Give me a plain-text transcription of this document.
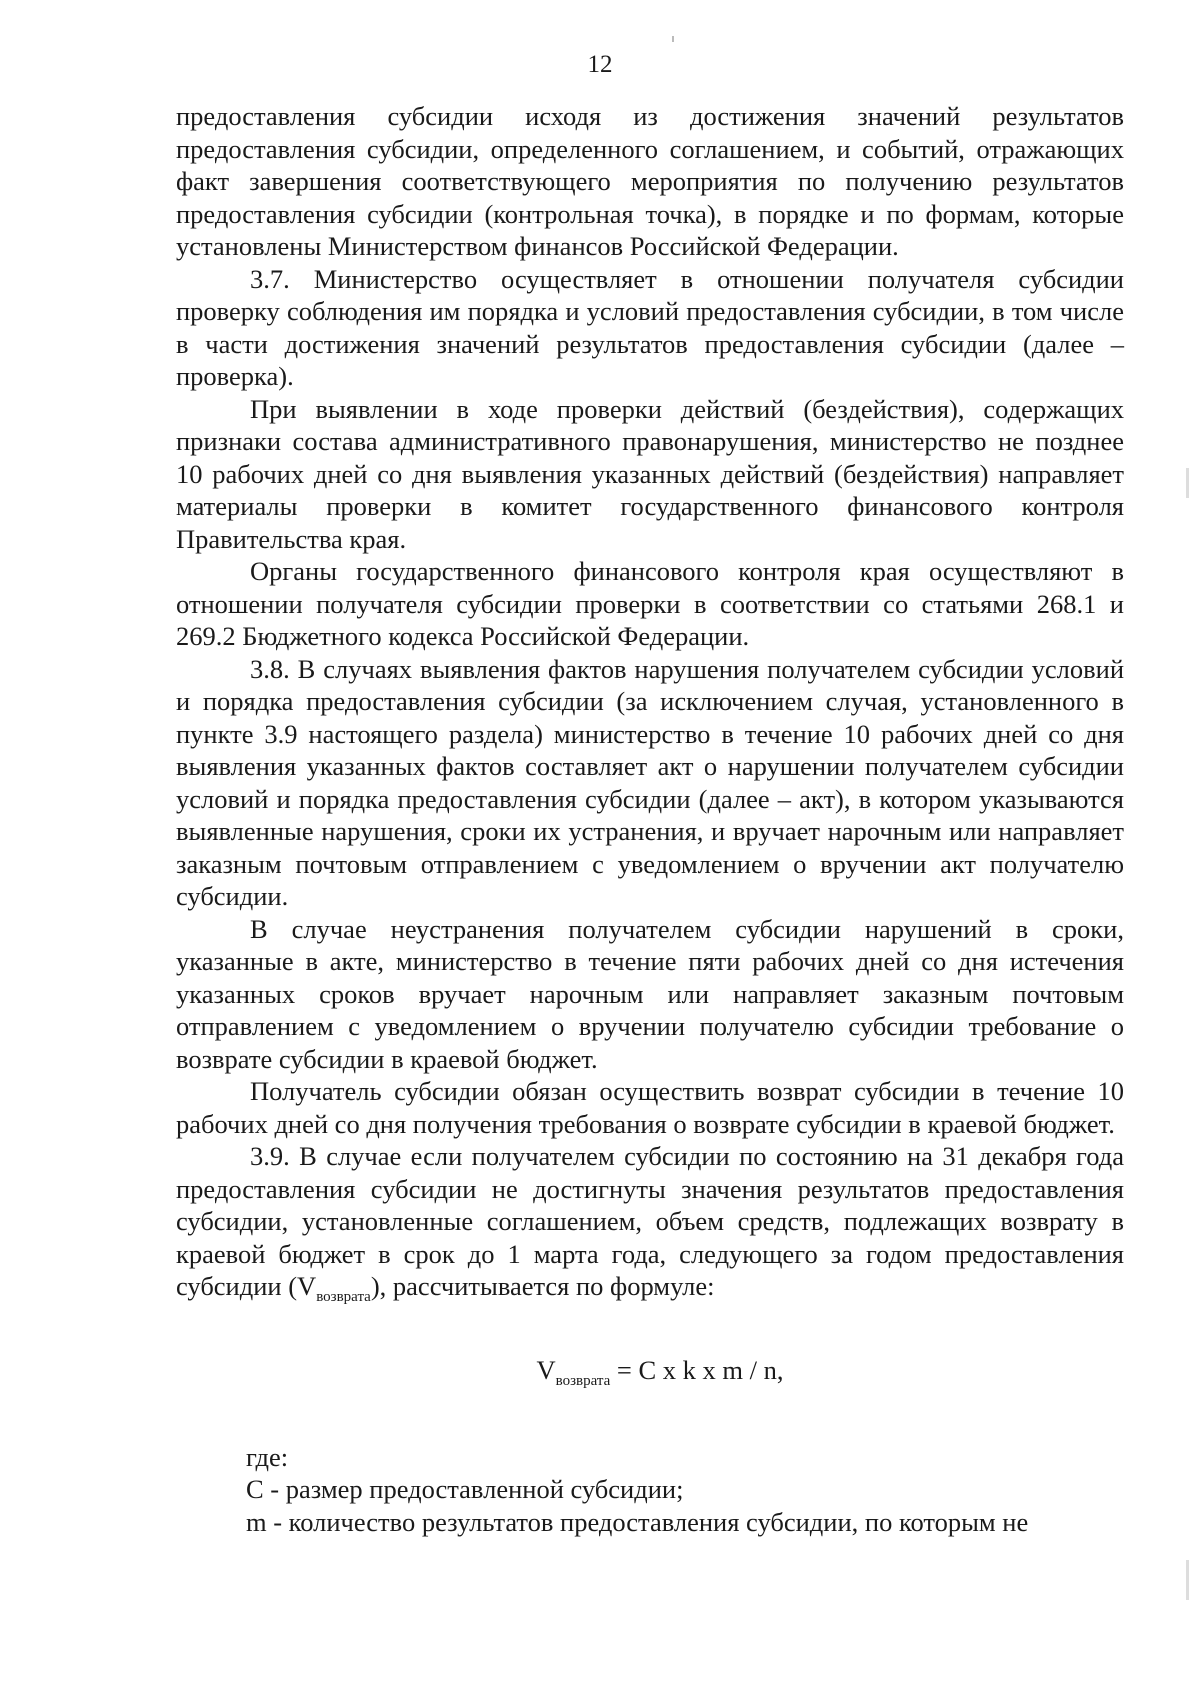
12

предоставления субсидии исходя из достижения значений результатов предоставления субсидии, определенного соглашением, и событий, отражающих факт завершения соответствующего мероприятия по получению результатов предоставления субсидии (контрольная точка), в порядке и по формам, которые установлены Министерством финансов Российской Федерации.

3.7. Министерство осуществляет в отношении получателя субсидии проверку соблюдения им порядка и условий предоставления субсидии, в том числе в части достижения значений результатов предоставления субсидии (далее – проверка).

При выявлении в ходе проверки действий (бездействия), содержащих признаки состава административного правонарушения, министерство не позднее 10 рабочих дней со дня выявления указанных действий (бездействия) направляет материалы проверки в комитет государственного финансового контроля Правительства края.

Органы государственного финансового контроля края осуществляют в отношении получателя субсидии проверки в соответствии со статьями 268.1 и 269.2 Бюджетного кодекса Российской Федерации.

3.8. В случаях выявления фактов нарушения получателем субсидии условий и порядка предоставления субсидии (за исключением случая, установленного в пункте 3.9 настоящего раздела) министерство в течение 10 рабочих дней со дня выявления указанных фактов составляет акт о нарушении получателем субсидии условий и порядка предоставления субсидии (далее – акт), в котором указываются выявленные нарушения, сроки их устранения, и вручает нарочным или направляет заказным почтовым отправлением с уведомлением о вручении акт получателю субсидии.

В случае неустранения получателем субсидии нарушений в сроки, указанные в акте, министерство в течение пяти рабочих дней со дня истечения указанных сроков вручает нарочным или направляет заказным почтовым отправлением с уведомлением о вручении получателю субсидии требование о возврате субсидии в краевой бюджет.

Получатель субсидии обязан осуществить возврат субсидии в течение 10 рабочих дней со дня получения требования о возврате субсидии в краевой бюджет.

3.9. В случае если получателем субсидии по состоянию на 31 декабря года предоставления субсидии не достигнуты значения результатов предоставления субсидии, установленные соглашением, объем средств, подлежащих возврату в краевой бюджет в срок до 1 марта года, следующего за годом предоставления субсидии $(V_{возврата})$, рассчитывается по формуле:

$V_{возврата} = C$ x k x m / n,

где:

C - размер предоставленной субсидии;

m - количество результатов предоставления субсидии, по которым не
